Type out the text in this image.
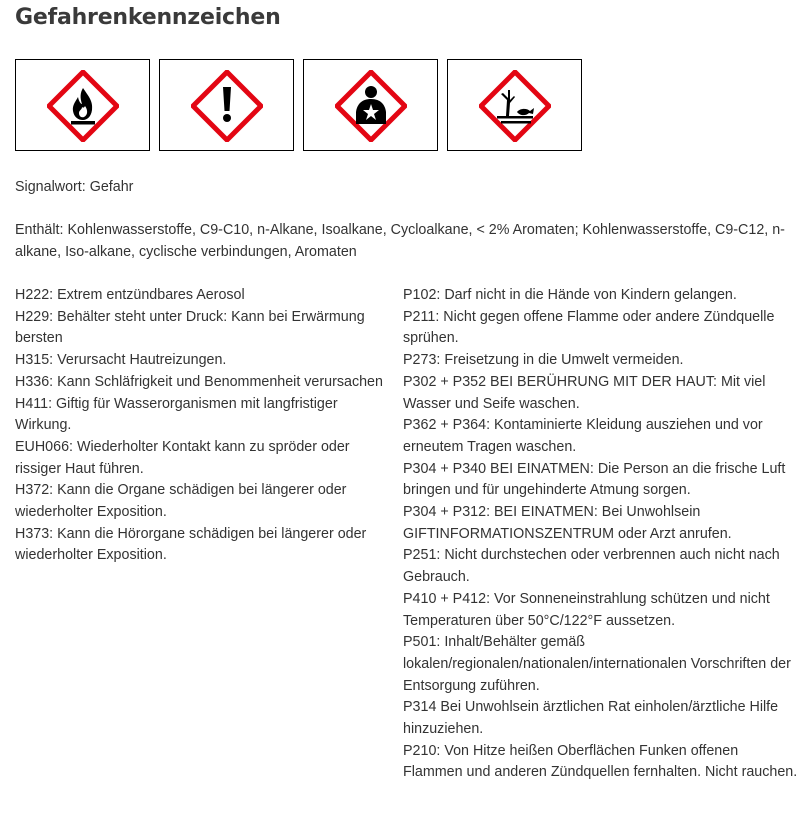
Gefahrenkennzeichen
Signalwort: Gefahr
Enthält: Kohlenwasserstoffe, C9-C10, n-Alkane, Isoalkane, Cycloalkane, < 2% Aromaten; Kohlenwasserstoffe, C9-C12, n-alkane, Iso-alkane, cyclische verbindungen, Aromaten

H222: Extrem entzündbares Aerosol

H229: Behälter steht unter Druck: Kann bei Erwärmung bersten

H315: Verursacht Hautreizungen.

H336: Kann Schläfrigkeit und Benommenheit verursachen

H411: Giftig für Wasserorganismen mit langfristiger Wirkung.

EUH066: Wiederholter Kontakt kann zu spröder oder rissiger Haut führen.

H372: Kann die Organe schädigen bei längerer oder wiederholter Exposition.

H373: Kann die Hörorgane schädigen bei längerer oder wiederholter Exposition.

P102: Darf nicht in die Hände von Kindern gelangen.

P211: Nicht gegen offene Flamme oder andere Zündquelle sprühen.

P273: Freisetzung in die Umwelt vermeiden.

P302 + P352 BEI BERÜHRUNG MIT DER HAUT: Mit viel Wasser und Seife waschen.

P362 + P364: Kontaminierte Kleidung ausziehen und vor erneutem Tragen waschen.

P304 + P340 BEI EINATMEN: Die Person an die frische Luft bringen und für ungehinderte Atmung sorgen.

P304 + P312: BEI EINATMEN: Bei Unwohlsein GIFTINFORMATIONSZENTRUM oder Arzt anrufen.

P251: Nicht durchstechen oder verbrennen auch nicht nach Gebrauch.

P410 + P412: Vor Sonneneinstrahlung schützen und nicht Temperaturen über 50°C/122°F aussetzen.

P501: Inhalt/Behälter gemäß lokalen/regionalen/nationalen/internationalen Vorschriften der Entsorgung zuführen.

P314 Bei Unwohlsein ärztlichen Rat einholen/ärztliche Hilfe hinzuziehen.

P210: Von Hitze heißen Oberflächen Funken offenen Flammen und anderen Zündquellen fernhalten. Nicht rauchen.
